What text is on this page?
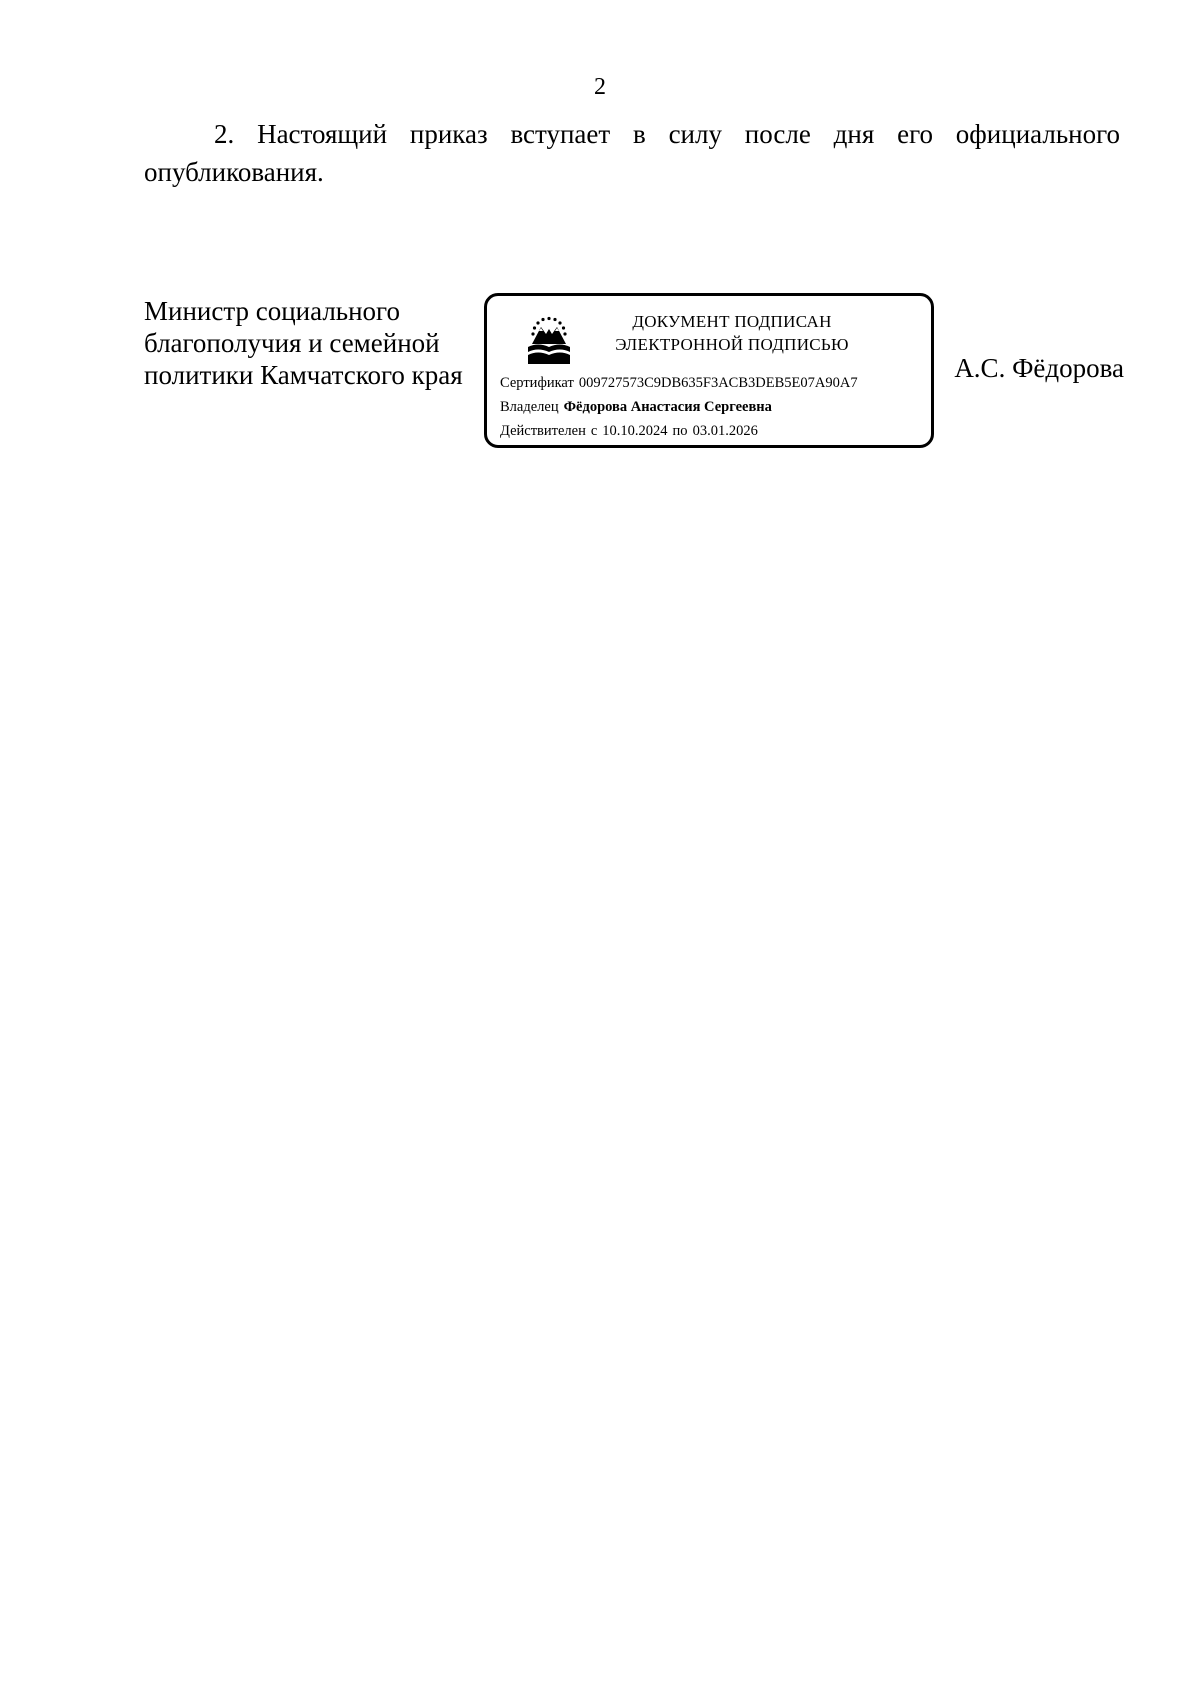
2

2. Настоящий приказ вступает в силу после дня его официального опубликования.

Министр социального
благополучия и семейной
политики Камчатского края
ДОКУМЕНТ ПОДПИСАН
ЭЛЕКТРОННОЙ ПОДПИСЬЮ
Сертификат 009727573C9DB635F3ACB3DEB5E07A90A7
Владелец Фёдорова Анастасия Сергеевна
Действителен с 10.10.2024 по 03.01.2026
А.С. Фёдорова
